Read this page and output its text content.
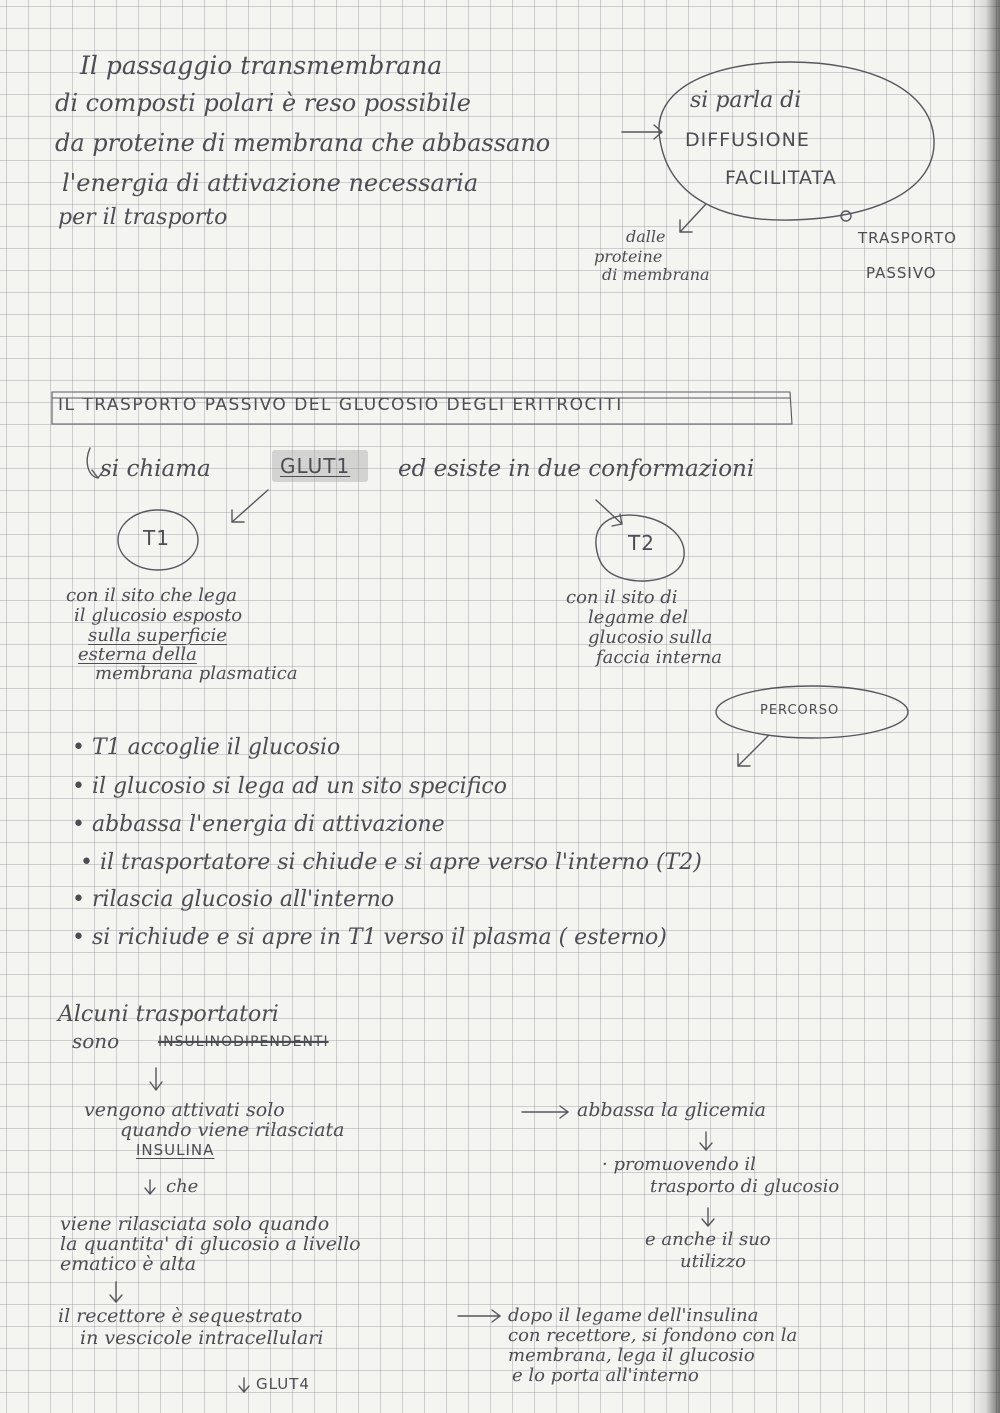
Il passaggio transmembrana

di composti polari è reso possibile

da proteine di membrana che abbassano

l'energia di attivazione necessaria

per il trasporto

si parla di

DIFFUSIONE

FACILITATA

dalle

proteine

di membrana

TRASPORTO

PASSIVO

IL TRASPORTO PASSIVO DEL GLUCOSIO DEGLI ERITROCITI

si chiama	GLUT1 ed esiste in due conformazioni

T1	T2

con il sito che lega

il glucosio esposto

sulla superficie

esterna della

membrana plasmatica

con il sito di

legame del

glucosio sulla

faccia interna

PERCORSO

• T1 accoglie il glucosio

• il glucosio si lega ad un sito specifico

• abbassa l'energia di attivazione

• il trasportatore si chiude e si apre verso l'interno (T2)

• rilascia glucosio all'interno

• si richiude e si apre in T1 verso il plasma ( esterno)

Alcuni trasportatori

sono	INSULINODIPENDENTI

vengono attivati solo

quando viene rilasciata

INSULINA

che

viene rilasciata solo quando

la quantita' di glucosio a livello

ematico è alta

il recettore è sequestrato

in vescicole intracellulari

GLUT4

abbassa la glicemia

· promuovendo il

trasporto di glucosio

e anche il suo

utilizzo

dopo il legame dell'insulina

con recettore, si fondono con la

membrana, lega il glucosio

e lo porta all'interno
